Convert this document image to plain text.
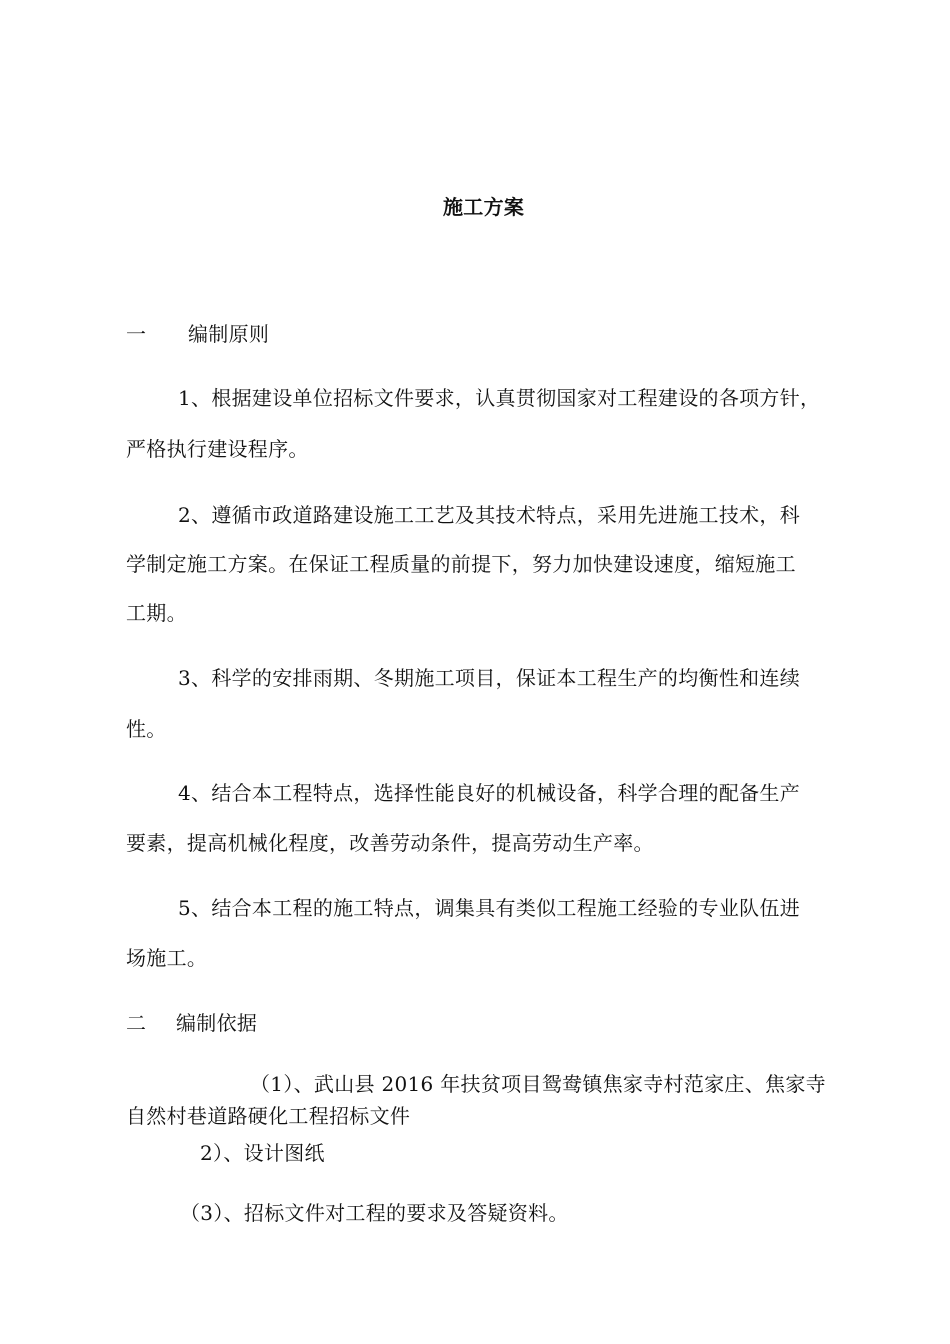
施工方案
一 编制原则
1、根据建设单位招标文件要求，认真贯彻国家对工程建设的各项方针，
严格执行建设程序。
2、遵循市政道路建设施工工艺及其技术特点，采用先进施工技术，科
学制定施工方案。在保证工程质量的前提下，努力加快建设速度，缩短施工
工期。
3、科学的安排雨期、冬期施工项目，保证本工程生产的均衡性和连续
性。
4、结合本工程特点，选择性能良好的机械设备，科学合理的配备生产
要素，提高机械化程度，改善劳动条件，提高劳动生产率。
5、结合本工程的施工特点，调集具有类似工程施工经验的专业队伍进
场施工。
二 编制依据
（1）、武山县 2016 年扶贫项目鸳鸯镇焦家寺村范家庄、焦家寺
自然村巷道路硬化工程招标文件
2）、设计图纸
（3）、招标文件对工程的要求及答疑资料。
